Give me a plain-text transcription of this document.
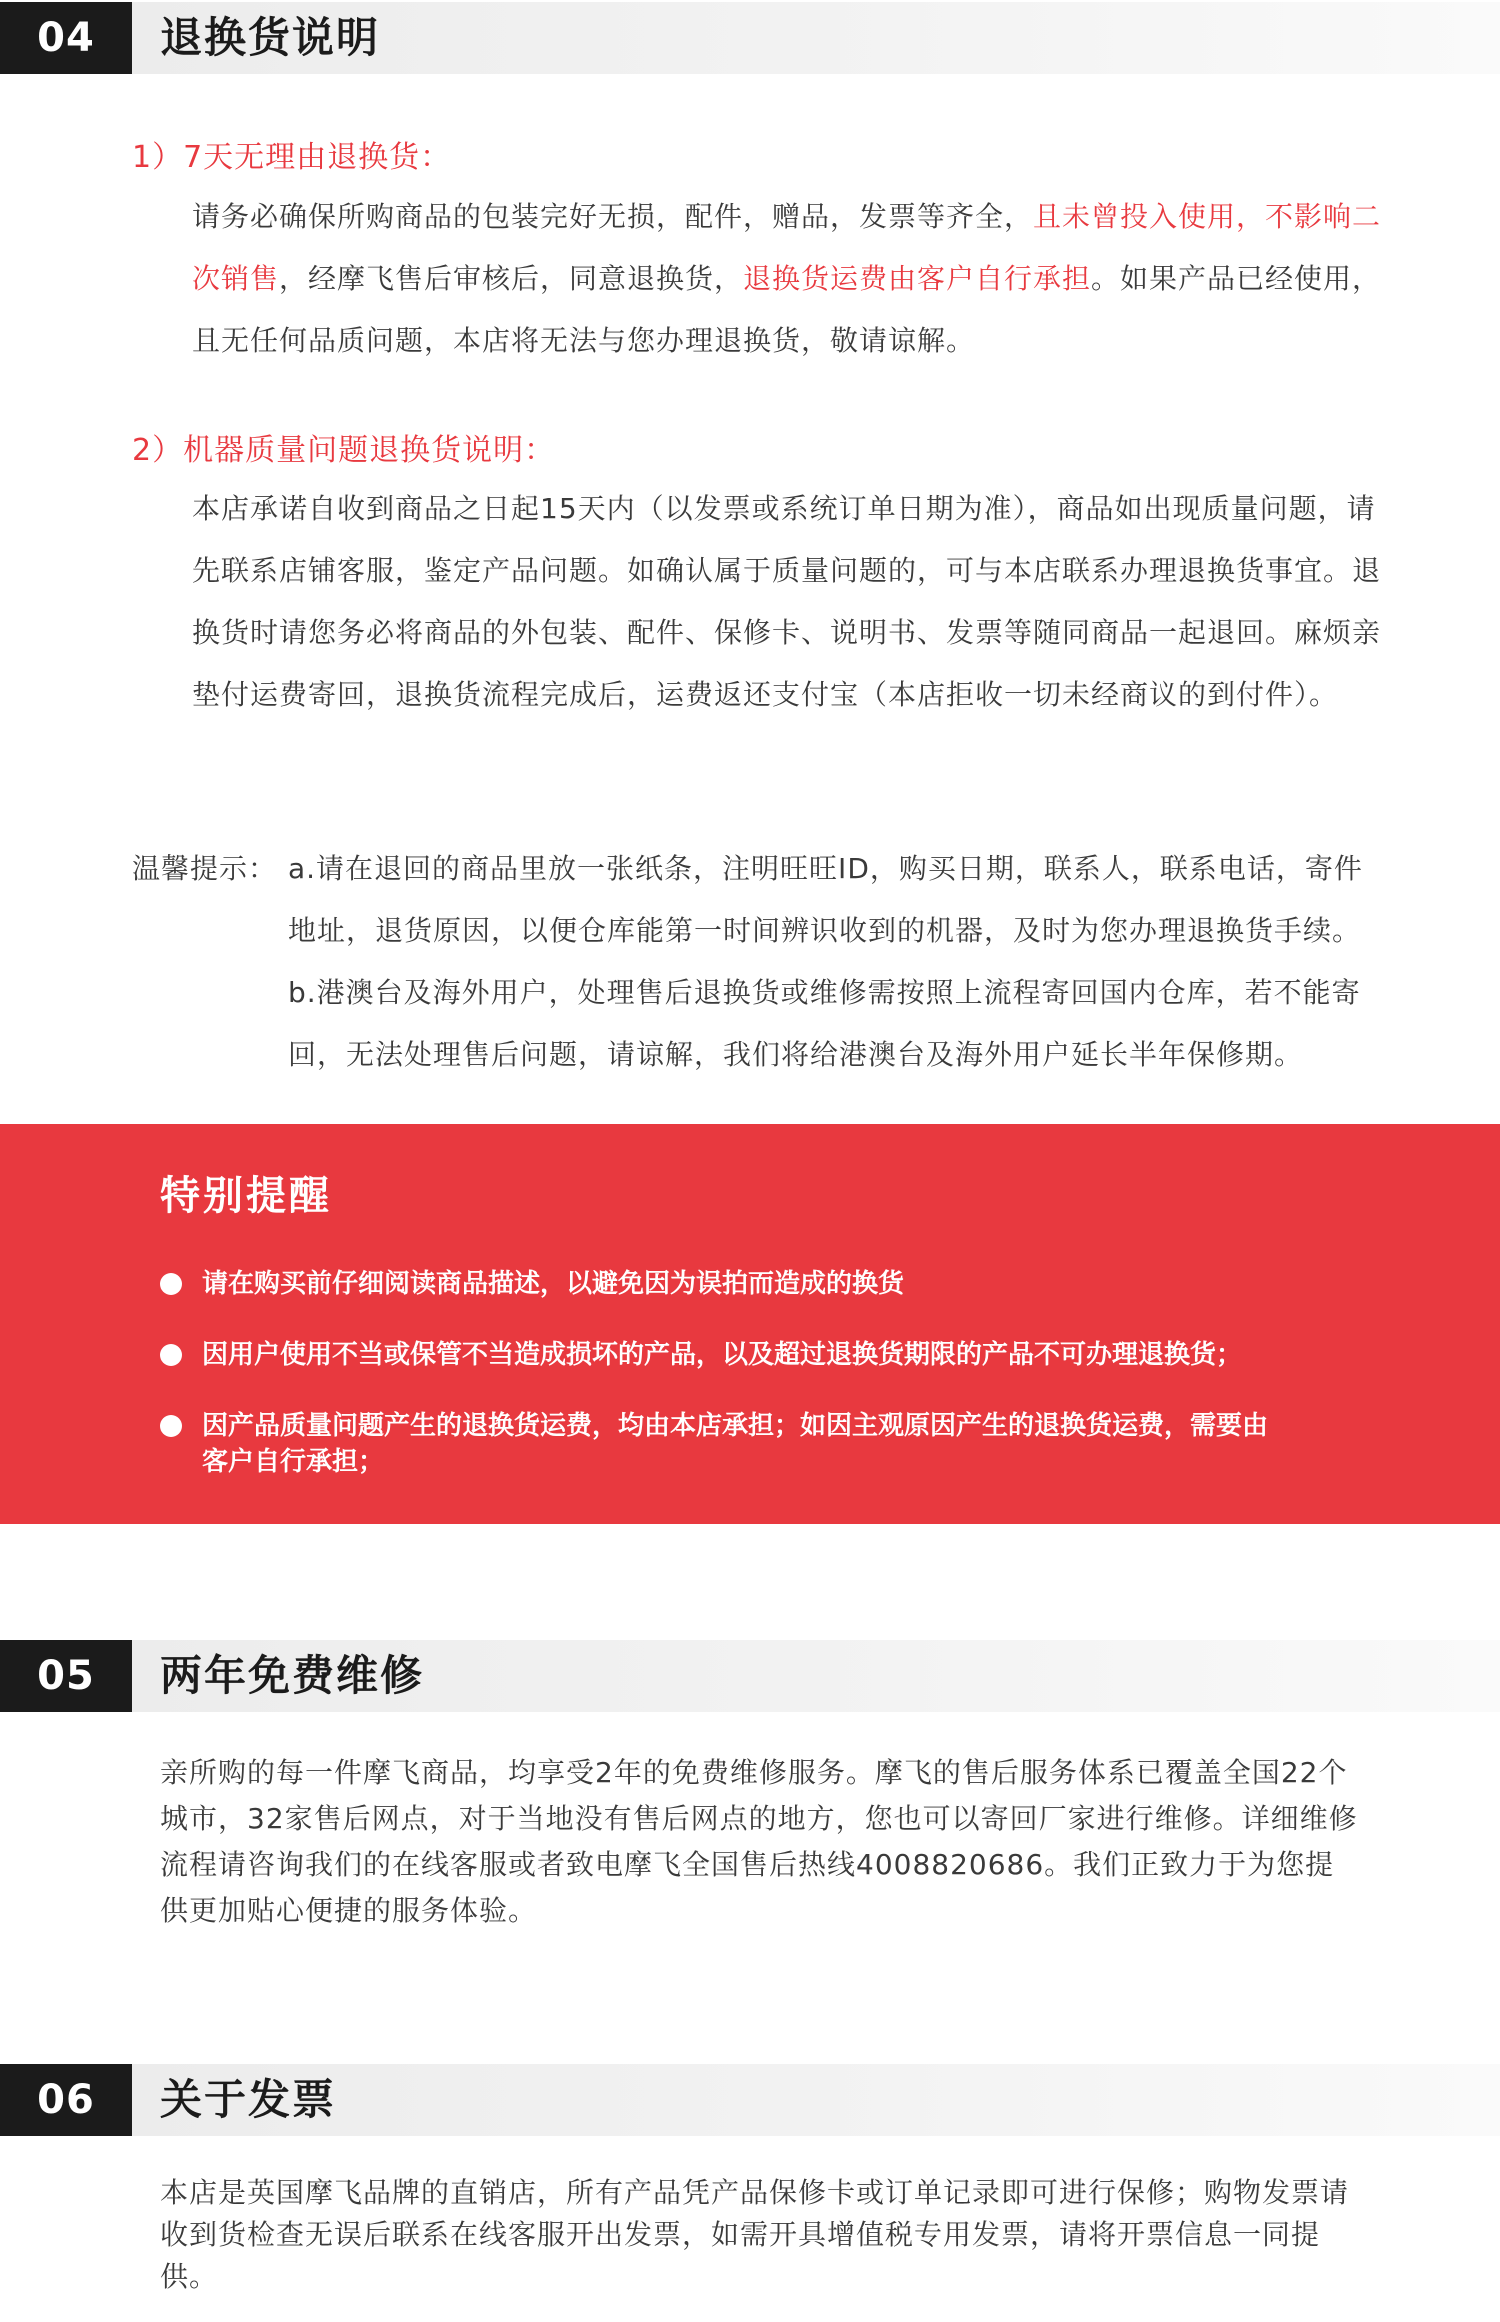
04	退换货说明
1）7天无理由退换货：
请务必确保所购商品的包装完好无损，配件，赠品，发票等齐全，且未曾投入使用，不影响二次销售，经摩飞售后审核后，同意退换货，退换货运费由客户自行承担。如果产品已经使用，且无任何品质问题，本店将无法与您办理退换货，敬请谅解。
2）机器质量问题退换货说明：
本店承诺自收到商品之日起15天内（以发票或系统订单日期为准），商品如出现质量问题，请先联系店铺客服，鉴定产品问题。如确认属于质量问题的，可与本店联系办理退换货事宜。退换货时请您务必将商品的外包装、配件、保修卡、说明书、发票等随同商品一起退回。麻烦亲垫付运费寄回，退换货流程完成后，运费返还支付宝（本店拒收一切未经商议的到付件）。
温馨提示： a.请在退回的商品里放一张纸条，注明旺旺ID，购买日期，联系人，联系电话，寄件地址，退货原因，以便仓库能第一时间辨识收到的机器，及时为您办理退换货手续。
b.港澳台及海外用户，处理售后退换货或维修需按照上流程寄回国内仓库，若不能寄回，无法处理售后问题，请谅解，我们将给港澳台及海外用户延长半年保修期。
特别提醒
请在购买前仔细阅读商品描述，以避免因为误拍而造成的换货
因用户使用不当或保管不当造成损坏的产品，以及超过退换货期限的产品不可办理退换货；
因产品质量问题产生的退换货运费，均由本店承担；如因主观原因产生的退换货运费，需要由客户自行承担；
05	两年免费维修
亲所购的每一件摩飞商品，均享受2年的免费维修服务。摩飞的售后服务体系已覆盖全国22个城市，32家售后网点，对于当地没有售后网点的地方，您也可以寄回厂家进行维修。详细维修流程请咨询我们的在线客服或者致电摩飞全国售后热线4008820686。我们正致力于为您提供更加贴心便捷的服务体验。
06	关于发票
本店是英国摩飞品牌的直销店，所有产品凭产品保修卡或订单记录即可进行保修；购物发票请收到货检查无误后联系在线客服开出发票，如需开具增值税专用发票，请将开票信息一同提供。
